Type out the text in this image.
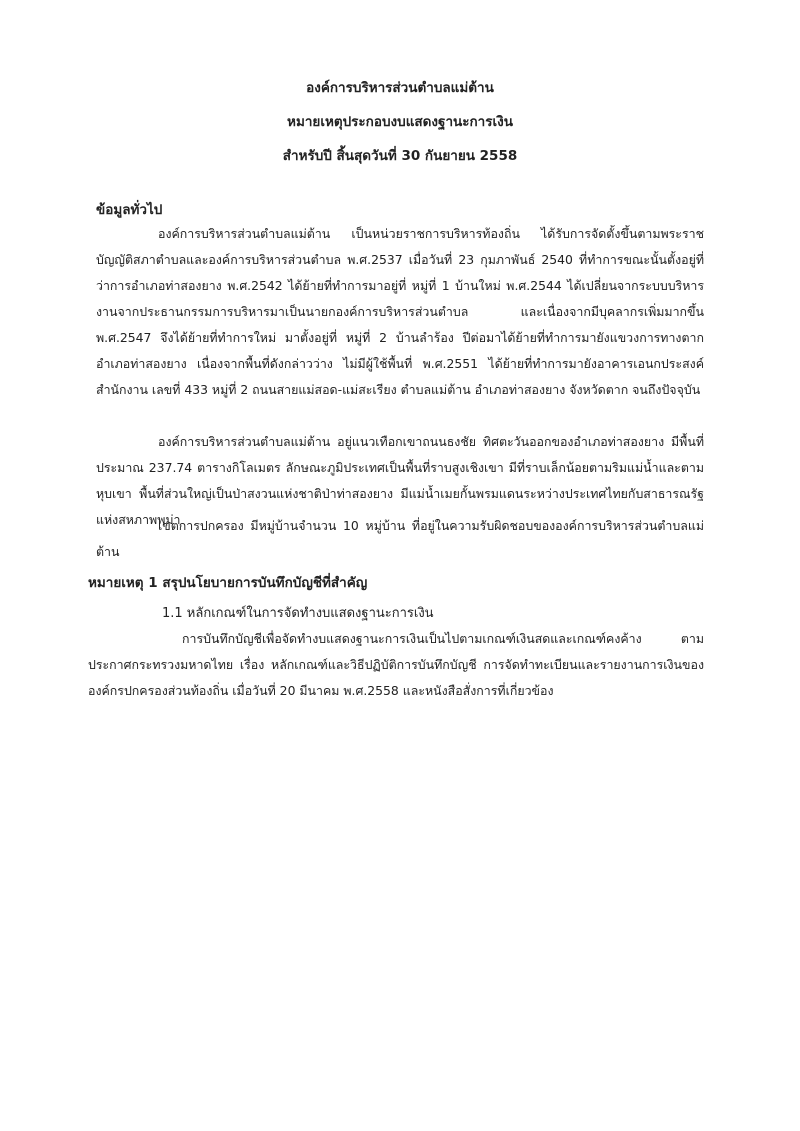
องค์การบริหารส่วนตำบลแม่ต้าน
หมายเหตุประกอบงบแสดงฐานะการเงิน
สำหรับปี สิ้นสุดวันที่ 30 กันยายน 2558
ข้อมูลทั่วไป
องค์การบริหารส่วนตำบลแม่ต้าน เป็นหน่วยราชการบริหารท้องถิ่น ได้รับการจัดตั้งขึ้นตามพระราชบัญญัติสภาตำบลและองค์การบริหารส่วนตำบล พ.ศ.2537 เมื่อวันที่ 23 กุมภาพันธ์ 2540 ที่ทำการขณะนั้นตั้งอยู่ที่ว่าการอำเภอท่าสองยาง พ.ศ.2542 ได้ย้ายที่ทำการมาอยู่ที่ หมู่ที่ 1 บ้านใหม่ พ.ศ.2544 ได้เปลี่ยนจากระบบบริหารงานจากประธานกรรมการบริหารมาเป็นนายกองค์การบริหารส่วนตำบล และเนื่องจากมีบุคลากรเพิ่มมากขึ้น พ.ศ.2547 จึงได้ย้ายที่ทำการใหม่ มาตั้งอยู่ที่ หมู่ที่ 2 บ้านลำร้อง ปีต่อมาได้ย้ายที่ทำการมายังแขวงการทางตาก อำเภอท่าสองยาง เนื่องจากพื้นที่ดังกล่าวว่าง ไม่มีผู้ใช้พื้นที่ พ.ศ.2551 ได้ย้ายที่ทำการมายังอาคารเอนกประสงค์ สำนักงาน เลขที่ 433 หมู่ที่ 2 ถนนสายแม่สอด-แม่สะเรียง ตำบลแม่ต้าน อำเภอท่าสองยาง จังหวัดตาก จนถึงปัจจุบัน
องค์การบริหารส่วนตำบลแม่ต้าน อยู่แนวเทือกเขาถนนธงชัย ทิศตะวันออกของอำเภอท่าสองยาง มีพื้นที่ประมาณ 237.74 ตารางกิโลเมตร ลักษณะภูมิประเทศเป็นพื้นที่ราบสูงเชิงเขา มีที่ราบเล็กน้อยตามริมแม่น้ำและตามหุบเขา พื้นที่ส่วนใหญ่เป็นป่าสงวนแห่งชาติป่าท่าสองยาง มีแม่น้ำเมยกั้นพรมแดนระหว่างประเทศไทยกับสาธารณรัฐแห่งสหภาพพม่า
เขตการปกครอง มีหมู่บ้านจำนวน 10 หมู่บ้าน ที่อยู่ในความรับผิดชอบขององค์การบริหารส่วนตำบลแม่ต้าน
หมายเหตุ 1 สรุปนโยบายการบันทึกบัญชีที่สำคัญ
1.1 หลักเกณฑ์ในการจัดทำงบแสดงฐานะการเงิน
การบันทึกบัญชีเพื่อจัดทำงบแสดงฐานะการเงินเป็นไปตามเกณฑ์เงินสดและเกณฑ์คงค้าง ตามประกาศกระทรวงมหาดไทย เรื่อง หลักเกณฑ์และวิธีปฏิบัติการบันทึกบัญชี การจัดทำทะเบียนและรายงานการเงินขององค์กรปกครองส่วนท้องถิ่น เมื่อวันที่ 20 มีนาคม พ.ศ.2558 และหนังสือสั่งการที่เกี่ยวข้อง
